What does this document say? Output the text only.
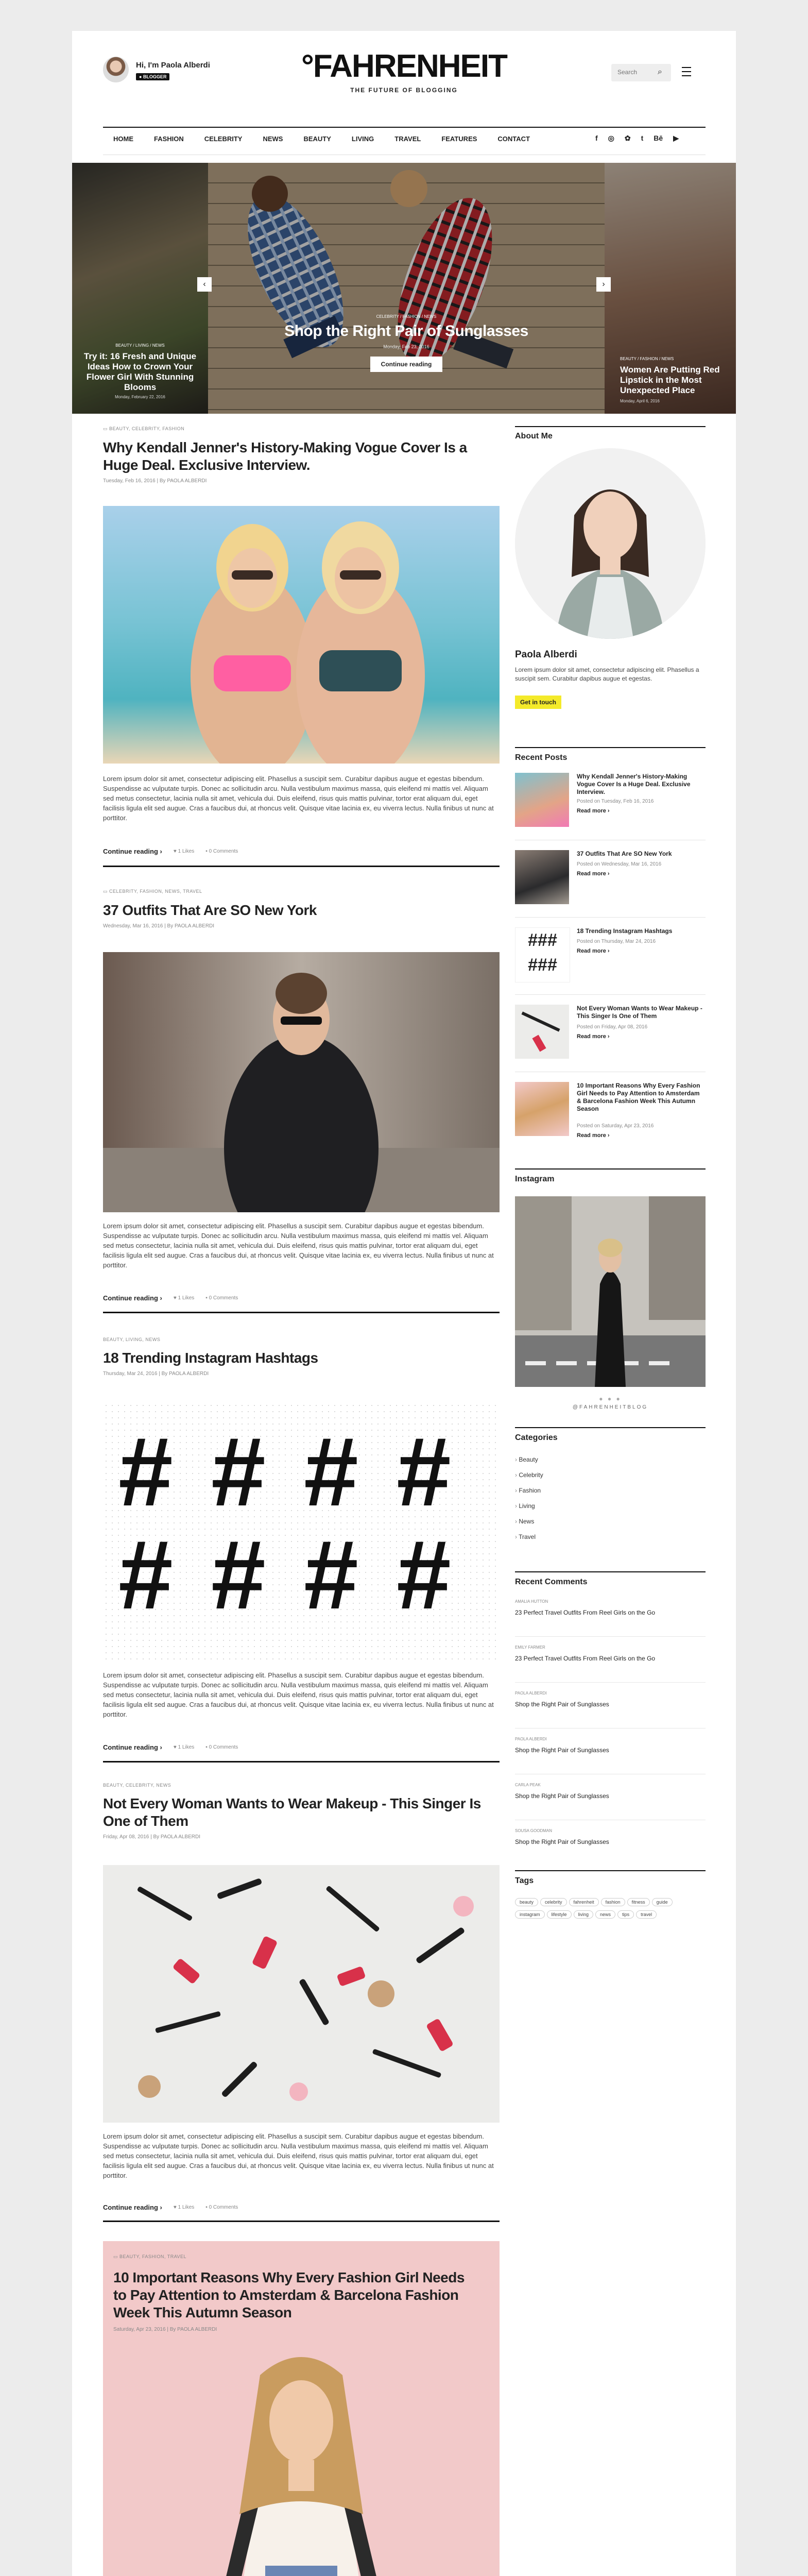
Hi, I'm Paola Alberdi
● BLOGGER	°FAHRENHEIT
THE FUTURE OF BLOGGING
Search
⌕
HOME	FASHION	CELEBRITY	NEWS	BEAUTY	LIVING	TRAVEL	FEATURES	CONTACT	f ◎ ✿ t Bē ▶
BEAUTY / LIVING / NEWS
Try it: 16 Fresh and Unique Ideas How to Crown Your Flower Girl With Stunning Blooms
Monday, February 22, 2016
CELEBRITY / FASHION / NEWS
Shop the Right Pair of Sunglasses
Monday, Feb 23, 2016
Continue reading
BEAUTY / FASHION / NEWS
Women Are Putting Red Lipstick in the Most Unexpected Place
Monday, April 6, 2016
‹	›
▭ BEAUTY, CELEBRITY, FASHION
Why Kendall Jenner's History-Making Vogue Cover Is a Huge Deal. Exclusive Interview.
Tuesday, Feb 16, 2016 | By PAOLA ALBERDI
Lorem ipsum dolor sit amet, consectetur adipiscing elit. Phasellus a suscipit sem. Curabitur dapibus augue et egestas bibendum. Suspendisse ac vulputate turpis. Donec ac sollicitudin arcu. Nulla vestibulum maximus massa, quis eleifend mi mattis vel. Aliquam sed metus consectetur, lacinia nulla sit amet, vehicula dui. Duis eleifend, risus quis mattis pulvinar, tortor erat aliquam dui, eget facilisis ligula elit sed augue. Cras a faucibus dui, at rhoncus velit. Quisque vitae lacinia ex, eu viverra lectus. Nulla finibus ut nunc at porttitor.
Continue reading › ♥ 1 Likes ▪ 0 Comments
▭ CELEBRITY, FASHION, NEWS, TRAVEL
37 Outfits That Are SO New York
Wednesday, Mar 16, 2016 | By PAOLA ALBERDI
Lorem ipsum dolor sit amet, consectetur adipiscing elit. Phasellus a suscipit sem. Curabitur dapibus augue et egestas bibendum. Suspendisse ac vulputate turpis. Donec ac sollicitudin arcu. Nulla vestibulum maximus massa, quis eleifend mi mattis vel. Aliquam sed metus consectetur, lacinia nulla sit amet, vehicula dui. Duis eleifend, risus quis mattis pulvinar, tortor erat aliquam dui, eget facilisis ligula elit sed augue. Cras a faucibus dui, at rhoncus velit. Quisque vitae lacinia ex, eu viverra lectus. Nulla finibus ut nunc at porttitor.
Continue reading › ♥ 1 Likes ▪ 0 Comments
BEAUTY, LIVING, NEWS
18 Trending Instagram Hashtags
Thursday, Mar 24, 2016 | By PAOLA ALBERDI
# # # #
# # # #
Lorem ipsum dolor sit amet, consectetur adipiscing elit. Phasellus a suscipit sem. Curabitur dapibus augue et egestas bibendum. Suspendisse ac vulputate turpis. Donec ac sollicitudin arcu. Nulla vestibulum maximus massa, quis eleifend mi mattis vel. Aliquam sed metus consectetur, lacinia nulla sit amet, vehicula dui. Duis eleifend, risus quis mattis pulvinar, tortor erat aliquam dui, eget facilisis ligula elit sed augue. Cras a faucibus dui, at rhoncus velit. Quisque vitae lacinia ex, eu viverra lectus. Nulla finibus ut nunc at porttitor.
Continue reading › ♥ 1 Likes ▪ 0 Comments
BEAUTY, CELEBRITY, NEWS
Not Every Woman Wants to Wear Makeup - This Singer Is One of Them
Friday, Apr 08, 2016 | By PAOLA ALBERDI
Lorem ipsum dolor sit amet, consectetur adipiscing elit. Phasellus a suscipit sem. Curabitur dapibus augue et egestas bibendum. Suspendisse ac vulputate turpis. Donec ac sollicitudin arcu. Nulla vestibulum maximus massa, quis eleifend mi mattis vel. Aliquam sed metus consectetur, lacinia nulla sit amet, vehicula dui. Duis eleifend, risus quis mattis pulvinar, tortor erat aliquam dui, eget facilisis ligula elit sed augue. Cras a faucibus dui, at rhoncus velit. Quisque vitae lacinia ex, eu viverra lectus. Nulla finibus ut nunc at porttitor.
Continue reading › ♥ 1 Likes ▪ 0 Comments
▭ BEAUTY, FASHION, TRAVEL
10 Important Reasons Why Every Fashion Girl Needs to Pay Attention to Amsterdam & Barcelona Fashion Week This Autumn Season
Saturday, Apr 23, 2016 | By PAOLA ALBERDI
About Me
Paola Alberdi
Lorem ipsum dolor sit amet, consectetur adipiscing elit. Phasellus a suscipit sem. Curabitur dapibus augue et egestas.
Get in touch
Recent Posts
Why Kendall Jenner's History-Making Vogue Cover Is a Huge Deal. Exclusive Interview.
Posted on Tuesday, Feb 16, 2016
Read more ›
37 Outfits That Are SO New York
Posted on Wednesday, Mar 16, 2016
Read more ›
###
###
18 Trending Instagram Hashtags
Posted on Thursday, Mar 24, 2016
Read more ›
Not Every Woman Wants to Wear Makeup - This Singer Is One of Them
Posted on Friday, Apr 08, 2016
Read more ›
10 Important Reasons Why Every Fashion Girl Needs to Pay Attention to Amsterdam & Barcelona Fashion Week This Autumn Season
Posted on Saturday, Apr 23, 2016
Read more ›
Instagram
● ● ●
@FAHRENHEITBLOG
Categories
› Beauty
› Celebrity
› Fashion
› Living
› News
› Travel
Recent Comments
AMALIA HUTTON
23 Perfect Travel Outfits From Reel Girls on the Go
EMILY FARMER
23 Perfect Travel Outfits From Reel Girls on the Go
PAOLA ALBERDI
Shop the Right Pair of Sunglasses
PAOLA ALBERDI
Shop the Right Pair of Sunglasses
CARLA PEAK
Shop the Right Pair of Sunglasses
SOUSA GOODMAN
Shop the Right Pair of Sunglasses
Tags
beauty celebrity fahrenheit fashion fitness guideinstagram lifestyle living news tips travel
